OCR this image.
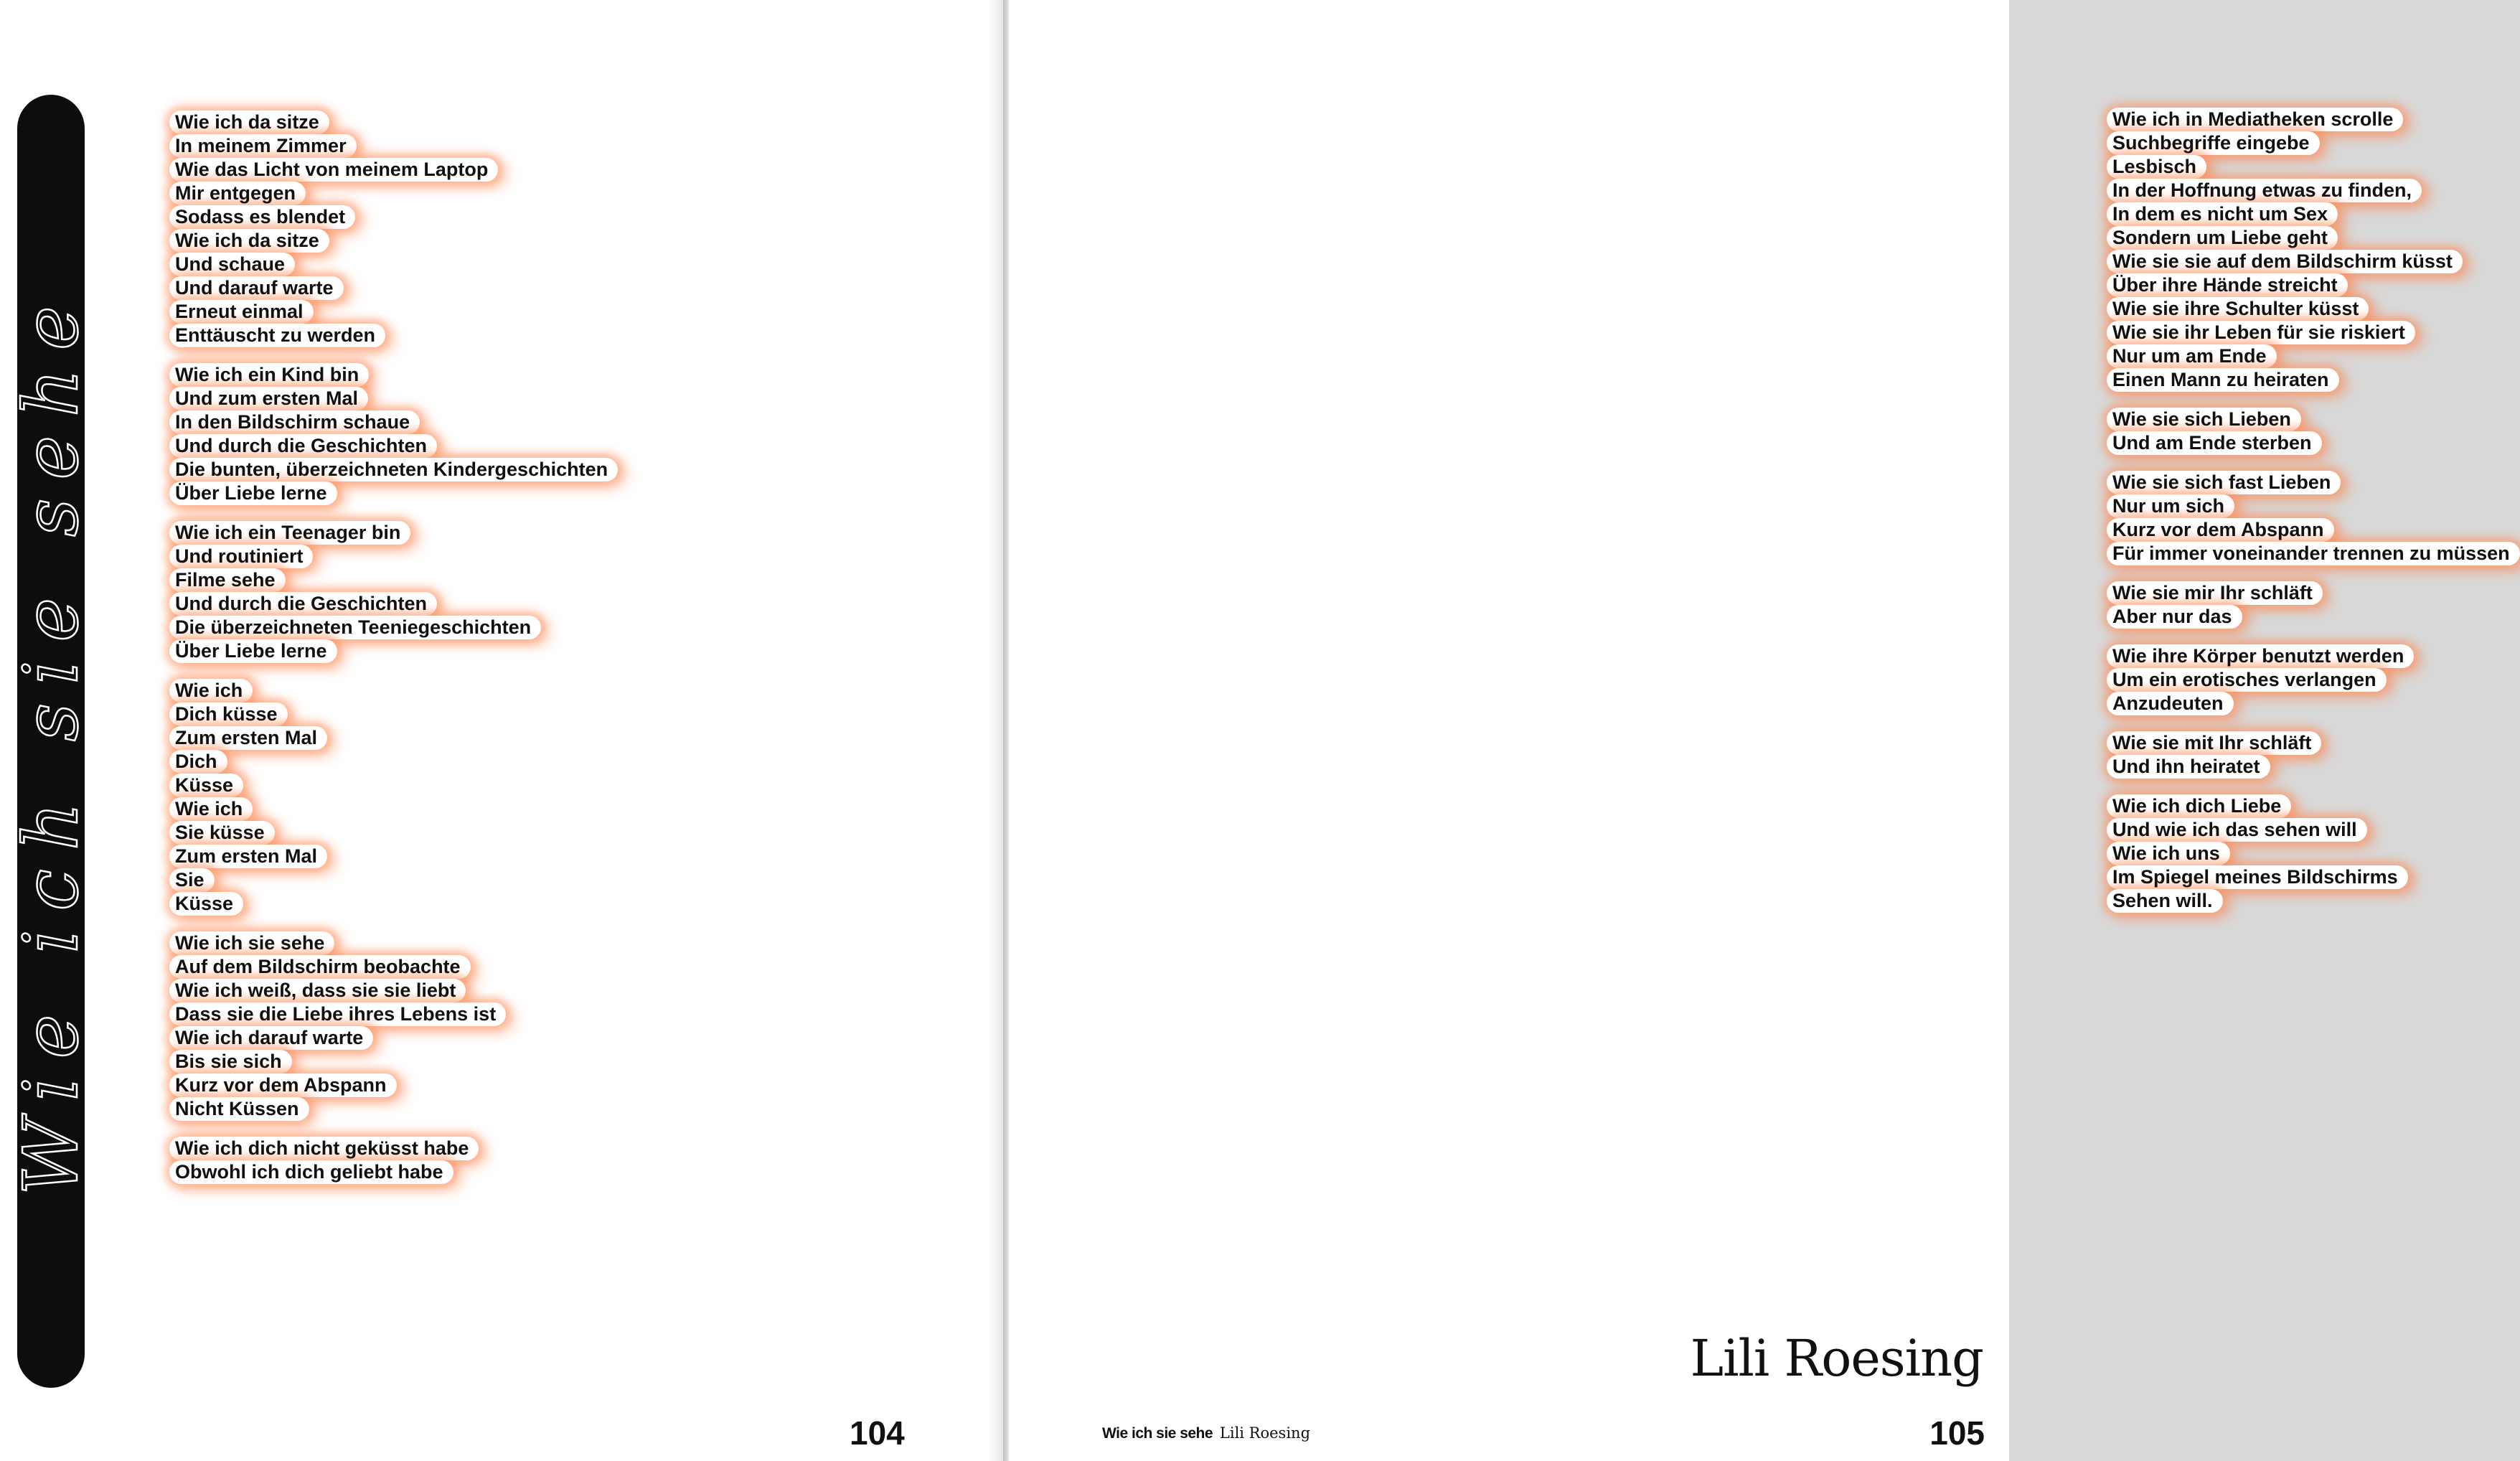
Wie ich sie sehe
Wie ich da sitze
In meinem Zimmer
Wie das Licht von meinem Laptop
Mir entgegen
Sodass es blendet
Wie ich da sitze
Und schaue
Und darauf warte
Erneut einmal
Enttäuscht zu werden
Wie ich ein Kind bin
Und zum ersten Mal
In den Bildschirm schaue
Und durch die Geschichten
Die bunten, überzeichneten Kindergeschichten
Über Liebe lerne
Wie ich ein Teenager bin
Und routiniert
Filme sehe
Und durch die Geschichten
Die überzeichneten Teeniegeschichten
Über Liebe lerne
Wie ich
Dich küsse
Zum ersten Mal
Dich
Küsse
Wie ich
Sie küsse
Zum ersten Mal
Sie
Küsse
Wie ich sie sehe
Auf dem Bildschirm beobachte
Wie ich weiß, dass sie sie liebt
Dass sie die Liebe ihres Lebens ist
Wie ich darauf warte
Bis sie sich
Kurz vor dem Abspann
Nicht Küssen
Wie ich dich nicht geküsst habe
Obwohl ich dich geliebt habe
104
Wie ich in Mediatheken scrolle
Suchbegriffe eingebe
Lesbisch
In der Hoffnung etwas zu finden,
In dem es nicht um Sex
Sondern um Liebe geht
Wie sie sie auf dem Bildschirm küsst
Über ihre Hände streicht
Wie sie ihre Schulter küsst
Wie sie ihr Leben für sie riskiert
Nur um am Ende
Einen Mann zu heiraten
Wie sie sich Lieben
Und am Ende sterben
Wie sie sich fast Lieben
Nur um sich
Kurz vor dem Abspann
Für immer voneinander trennen zu müssen
Wie sie mir Ihr schläft
Aber nur das
Wie ihre Körper benutzt werden
Um ein erotisches verlangen
Anzudeuten
Wie sie mit Ihr schläft
Und ihn heiratet
Wie ich dich Liebe
Und wie ich das sehen will
Wie ich uns
Im Spiegel meines Bildschirms
Sehen will.
Lili Roesing
Wie ich sie sehe Lili Roesing	105
